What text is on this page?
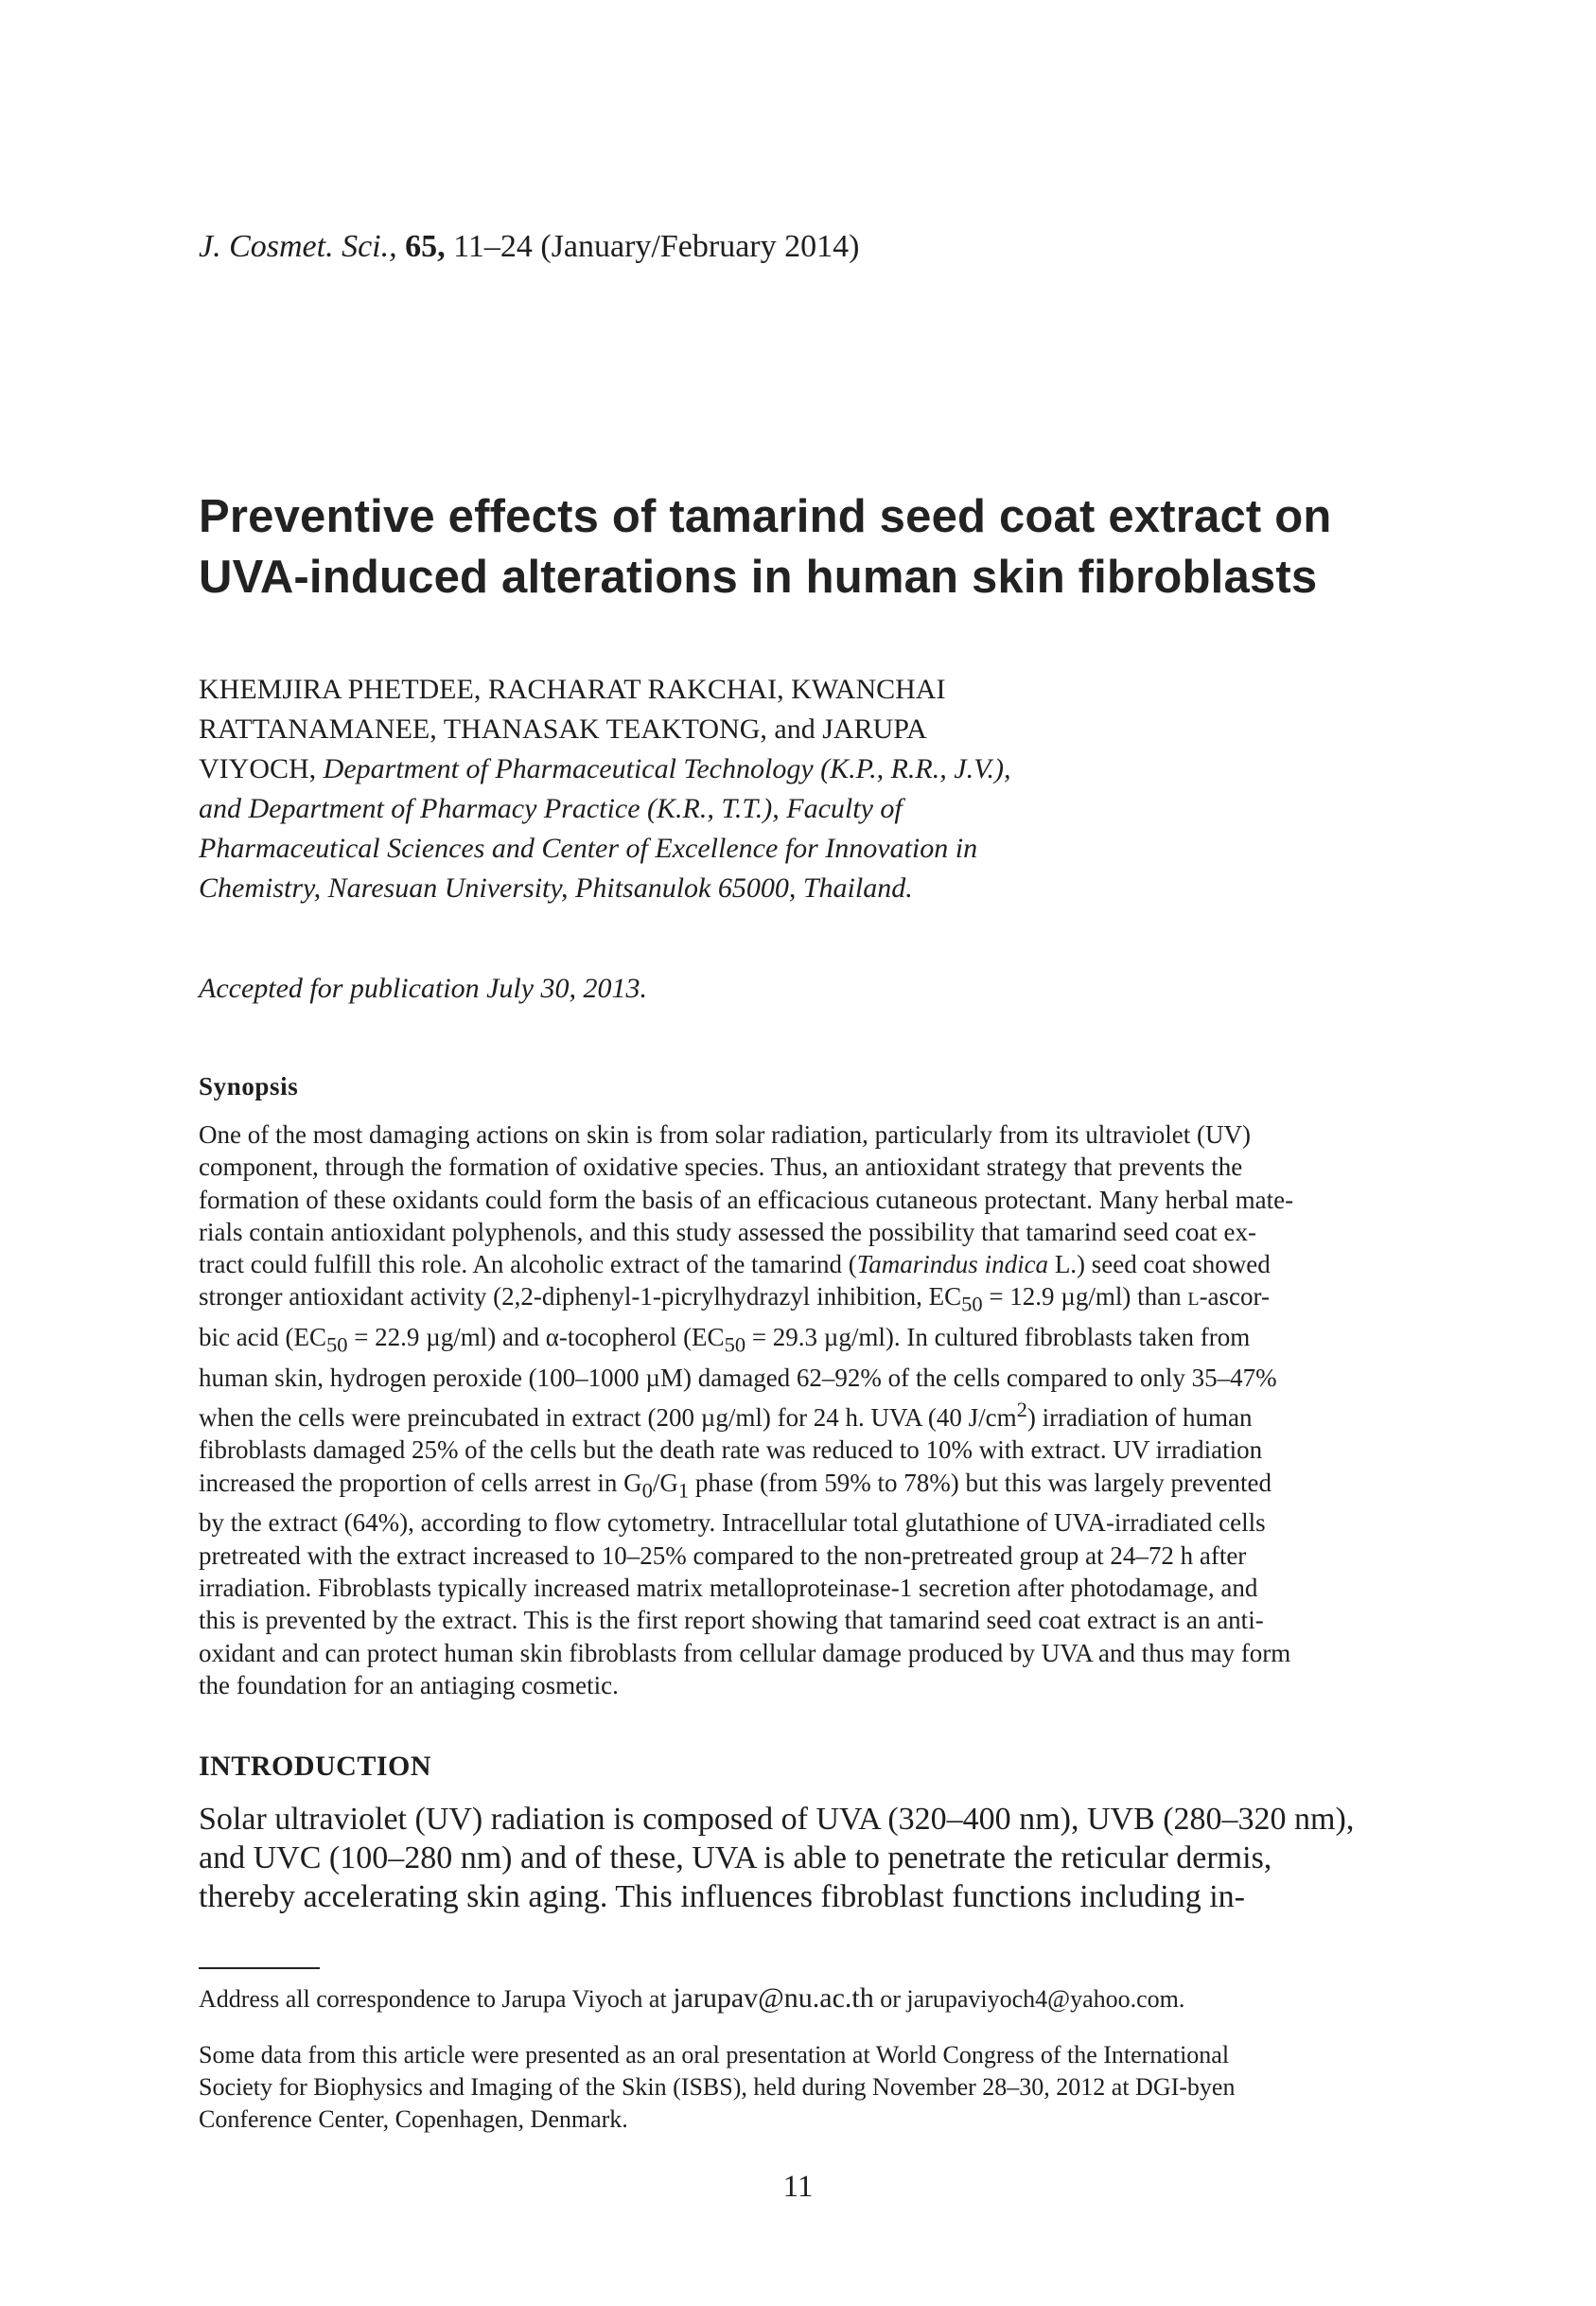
J. Cosmet. Sci., 65, 11–24 (January/February 2014)
Preventive effects of tamarind seed coat extract on
UVA-induced alterations in human skin fibroblasts
KHEMJIRA PHETDEE, RACHARAT RAKCHAI, KWANCHAI
RATTANAMANEE, THANASAK TEAKTONG, and JARUPA
VIYOCH, Department of Pharmaceutical Technology (K.P., R.R., J.V.),
and Department of Pharmacy Practice (K.R., T.T.), Faculty of
Pharmaceutical Sciences and Center of Excellence for Innovation in
Chemistry, Naresuan University, Phitsanulok 65000, Thailand.
Accepted for publication July 30, 2013.
Synopsis
One of the most damaging actions on skin is from solar radiation, particularly from its ultraviolet (UV)
component, through the formation of oxidative species. Thus, an antioxidant strategy that prevents the
formation of these oxidants could form the basis of an efficacious cutaneous protectant. Many herbal mate-
rials contain antioxidant polyphenols, and this study assessed the possibility that tamarind seed coat ex-
tract could fulfill this role. An alcoholic extract of the tamarind (Tamarindus indica L.) seed coat showed
stronger antioxidant activity (2,2-diphenyl-1-picrylhydrazyl inhibition, $EC_{50} = 12.9$ µg/ml) than L-ascor-
bic acid ($EC_{50} = 22.9$ µg/ml) and α-tocopherol ($EC_{50} = 29.3$ µg/ml). In cultured fibroblasts taken from
human skin, hydrogen peroxide (100–1000 µM) damaged 62–92% of the cells compared to only 35–47%
when the cells were preincubated in extract (200 µg/ml) for 24 h. UVA (40 $J/cm^2$) irradiation of human
fibroblasts damaged 25% of the cells but the death rate was reduced to 10% with extract. UV irradiation
increased the proportion of cells arrest in $G_0/G_1$ phase (from 59% to 78%) but this was largely prevented
by the extract (64%), according to flow cytometry. Intracellular total glutathione of UVA-irradiated cells
pretreated with the extract increased to 10–25% compared to the non-pretreated group at 24–72 h after
irradiation. Fibroblasts typically increased matrix metalloproteinase-1 secretion after photodamage, and
this is prevented by the extract. This is the first report showing that tamarind seed coat extract is an anti-
oxidant and can protect human skin fibroblasts from cellular damage produced by UVA and thus may form
the foundation for an antiaging cosmetic.
INTRODUCTION
Solar ultraviolet (UV) radiation is composed of UVA (320–400 nm), UVB (280–320 nm),
and UVC (100–280 nm) and of these, UVA is able to penetrate the reticular dermis,
thereby accelerating skin aging. This influences fibroblast functions including in-
Address all correspondence to Jarupa Viyoch at jarupav@nu.ac.th or jarupaviyoch4@yahoo.com.
Some data from this article were presented as an oral presentation at World Congress of the International
Society for Biophysics and Imaging of the Skin (ISBS), held during November 28–30, 2012 at DGI-byen
Conference Center, Copenhagen, Denmark.
11
